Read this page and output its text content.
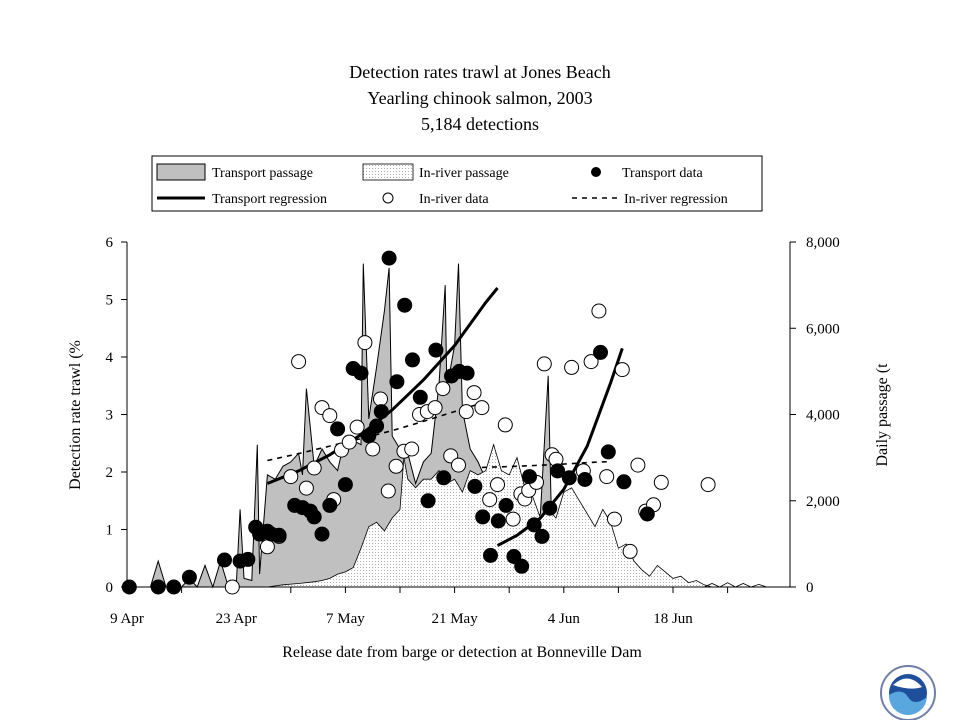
Detection rates trawl at Jones Beach
Yearling chinook salmon, 2003
5,184 detections
Transport passage	In-river passage	Transport data
Transport regression	In-river data	In-river regression
0
1
2
3
4
5
6
0
2,000
4,000
6,000
8,000
9 Apr	23 Apr	7 May	21 May	4 Jun	18 Jun
Release date from barge or detection at Bonneville Dam
Detection rate trawl (%	Daily passage (t
